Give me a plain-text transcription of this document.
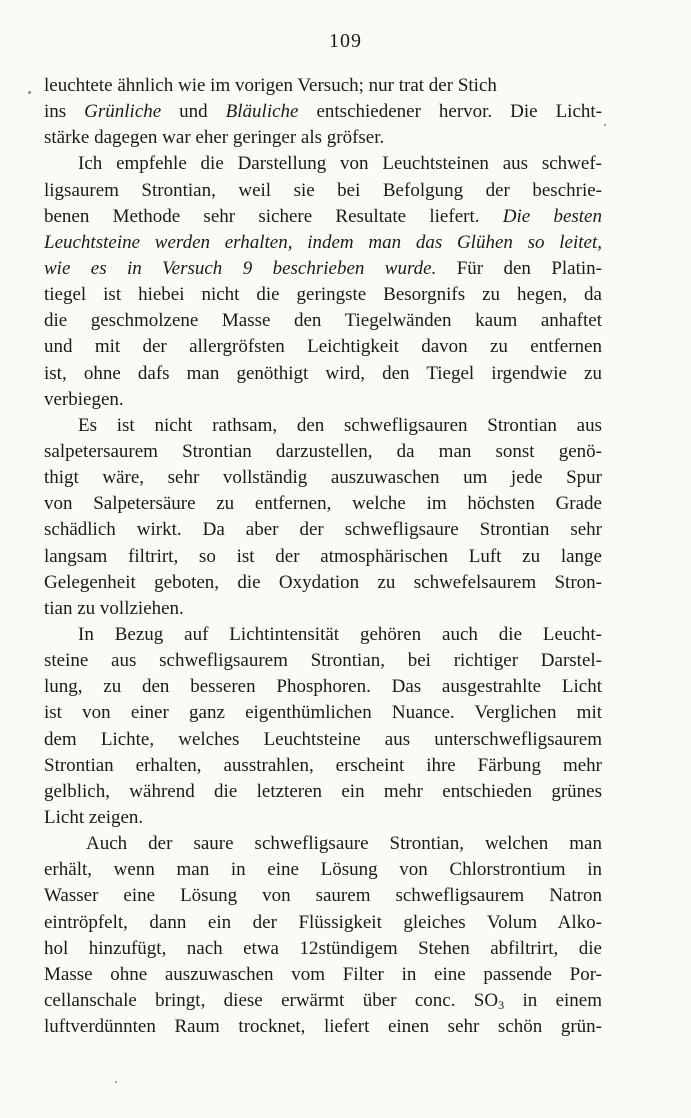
109
leuchtete ähnlich wie im vorigen Versuch; nur trat der Stich
ins Grünliche und Bläuliche entschiedener hervor. Die Licht-
stärke dagegen war eher geringer als gröfser.
Ich empfehle die Darstellung von Leuchtsteinen aus schwef-
ligsaurem Strontian, weil sie bei Befolgung der beschrie-
benen Methode sehr sichere Resultate liefert. Die besten
Leuchtsteine werden erhalten, indem man das Glühen so leitet,
wie es in Versuch 9 beschrieben wurde. Für den Platin-
tiegel ist hiebei nicht die geringste Besorgnifs zu hegen, da
die geschmolzene Masse den Tiegelwänden kaum anhaftet
und mit der allergröfsten Leichtigkeit davon zu entfernen
ist, ohne dafs man genöthigt wird, den Tiegel irgendwie zu
verbiegen.
Es ist nicht rathsam, den schwefligsauren Strontian aus
salpetersaurem Strontian darzustellen, da man sonst genö-
thigt wäre, sehr vollständig auszuwaschen um jede Spur
von Salpetersäure zu entfernen, welche im höchsten Grade
schädlich wirkt. Da aber der schwefligsaure Strontian sehr
langsam filtrirt, so ist der atmosphärischen Luft zu lange
Gelegenheit geboten, die Oxydation zu schwefelsaurem Stron-
tian zu vollziehen.
In Bezug auf Lichtintensität gehören auch die Leucht-
steine aus schwefligsaurem Strontian, bei richtiger Darstel-
lung, zu den besseren Phosphoren. Das ausgestrahlte Licht
ist von einer ganz eigenthümlichen Nuance. Verglichen mit
dem Lichte, welches Leuchtsteine aus unterschwefligsaurem
Strontian erhalten, ausstrahlen, erscheint ihre Färbung mehr
gelblich, während die letzteren ein mehr entschieden grünes
Licht zeigen.
Auch der saure schwefligsaure Strontian, welchen man
erhält, wenn man in eine Lösung von Chlorstrontium in
Wasser eine Lösung von saurem schwefligsaurem Natron
eintröpfelt, dann ein der Flüssigkeit gleiches Volum Alko-
hol hinzufügt, nach etwa 12stündigem Stehen abfiltrirt, die
Masse ohne auszuwaschen vom Filter in eine passende Por-
cellanschale bringt, diese erwärmt über conc. $SO_3$ in einem
luftverdünnten Raum trocknet, liefert einen sehr schön grün-
